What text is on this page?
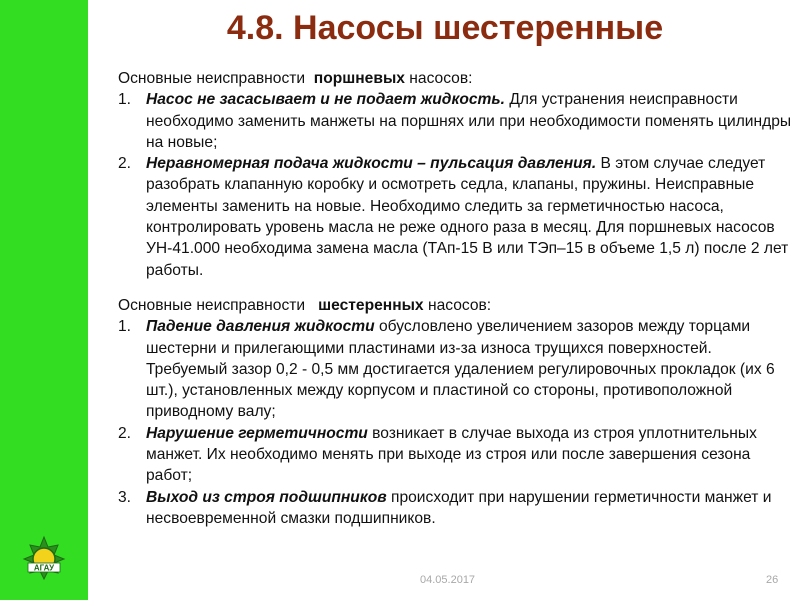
АГАУ
4.8. Насосы шестеренные

Основные неисправности поршневых насосов:

1. Насос не засасывает и не подает жидкость. Для устранения неисправности необходимо заменить манжеты на поршнях или при необходимости поменять цилиндры на новые;
2. Неравномерная подача жидкости – пульсация давления. В этом случае следует разобрать клапанную коробку и осмотреть седла, клапаны, пружины. Неисправные элементы заменить на новые. Необходимо следить за герметичностью насоса, контролировать уровень масла не реже одного раза в месяц. Для поршневых насосов УН-41.000 необходима замена масла (ТАп-15 В или ТЭп–15 в объеме 1,5 л) после 2 лет работы.

Основные неисправности шестеренных насосов:

1. Падение давления жидкости обусловлено увеличением зазоров между торцами шестерни и прилегающими пластинами из-за износа трущихся поверхностей. Требуемый зазор 0,2 - 0,5 мм достигается удалением регулировочных прокладок (их 6 шт.), установленных между корпусом и пластиной со стороны, противоположной приводному валу;
2. Нарушение герметичности возникает в случае выхода из строя уплотнительных манжет. Их необходимо менять при выходе из строя или после завершения сезона работ;
3. Выход из строя подшипников происходит при нарушении герметичности манжет и несвоевременной смазки подшипников.
04.05.2017	26
